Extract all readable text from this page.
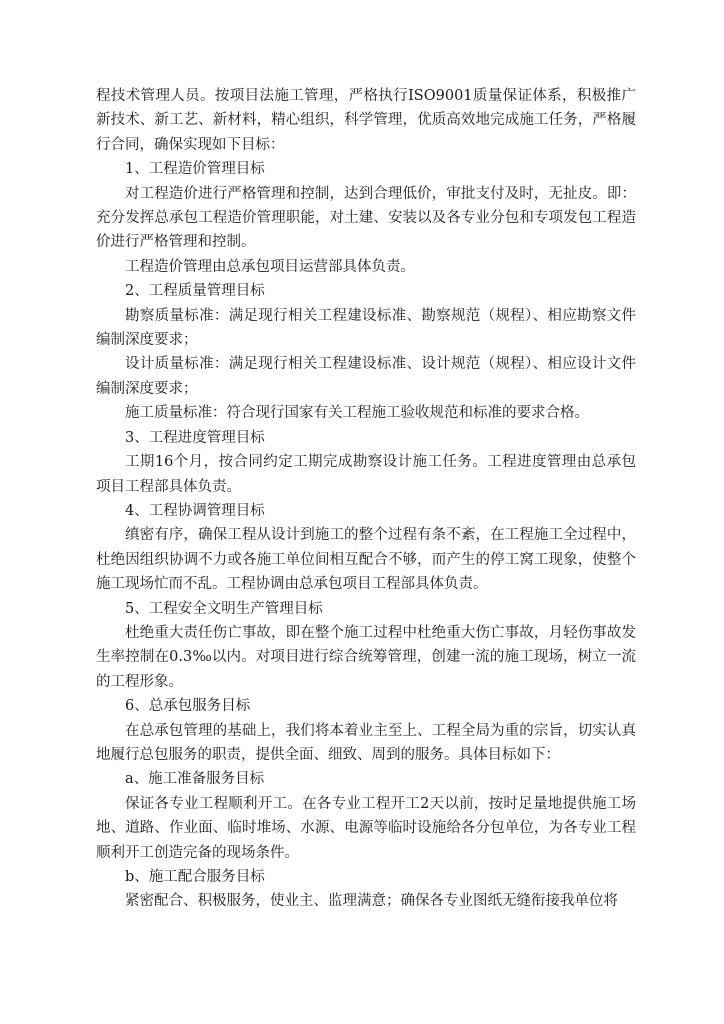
程技术管理人员。按项目法施工管理，严格执行ISO9001质量保证体系，积极推广新技术、新工艺、新材料，精心组织，科学管理，优质高效地完成施工任务，严格履行合同，确保实现如下目标：

1、工程造价管理目标

对工程造价进行严格管理和控制，达到合理低价，审批支付及时，无扯皮。即：充分发挥总承包工程造价管理职能，对土建、安装以及各专业分包和专项发包工程造价进行严格管理和控制。

工程造价管理由总承包项目运营部具体负责。

2、工程质量管理目标

勘察质量标准：满足现行相关工程建设标准、勘察规范（规程）、相应勘察文件编制深度要求；

设计质量标准：满足现行相关工程建设标准、设计规范（规程）、相应设计文件编制深度要求；

施工质量标准：符合现行国家有关工程施工验收规范和标准的要求合格。

3、工程进度管理目标

工期16个月，按合同约定工期完成勘察设计施工任务。工程进度管理由总承包项目工程部具体负责。

4、工程协调管理目标

缜密有序，确保工程从设计到施工的整个过程有条不紊，在工程施工全过程中，杜绝因组织协调不力或各施工单位间相互配合不够，而产生的停工窝工现象，使整个施工现场忙而不乱。工程协调由总承包项目工程部具体负责。

5、工程安全文明生产管理目标

杜绝重大责任伤亡事故，即在整个施工过程中杜绝重大伤亡事故，月轻伤事故发生率控制在0.3‰以内。对项目进行综合统筹管理，创建一流的施工现场，树立一流的工程形象。

6、总承包服务目标

在总承包管理的基础上，我们将本着业主至上、工程全局为重的宗旨，切实认真地履行总包服务的职责，提供全面、细致、周到的服务。具体目标如下：

a、施工准备服务目标

保证各专业工程顺利开工。在各专业工程开工2天以前，按时足量地提供施工场地、道路、作业面、临时堆场、水源、电源等临时设施给各分包单位，为各专业工程顺利开工创造完备的现场条件。

b、施工配合服务目标

紧密配合、积极服务，使业主、监理满意；确保各专业图纸无缝衔接我单位将
